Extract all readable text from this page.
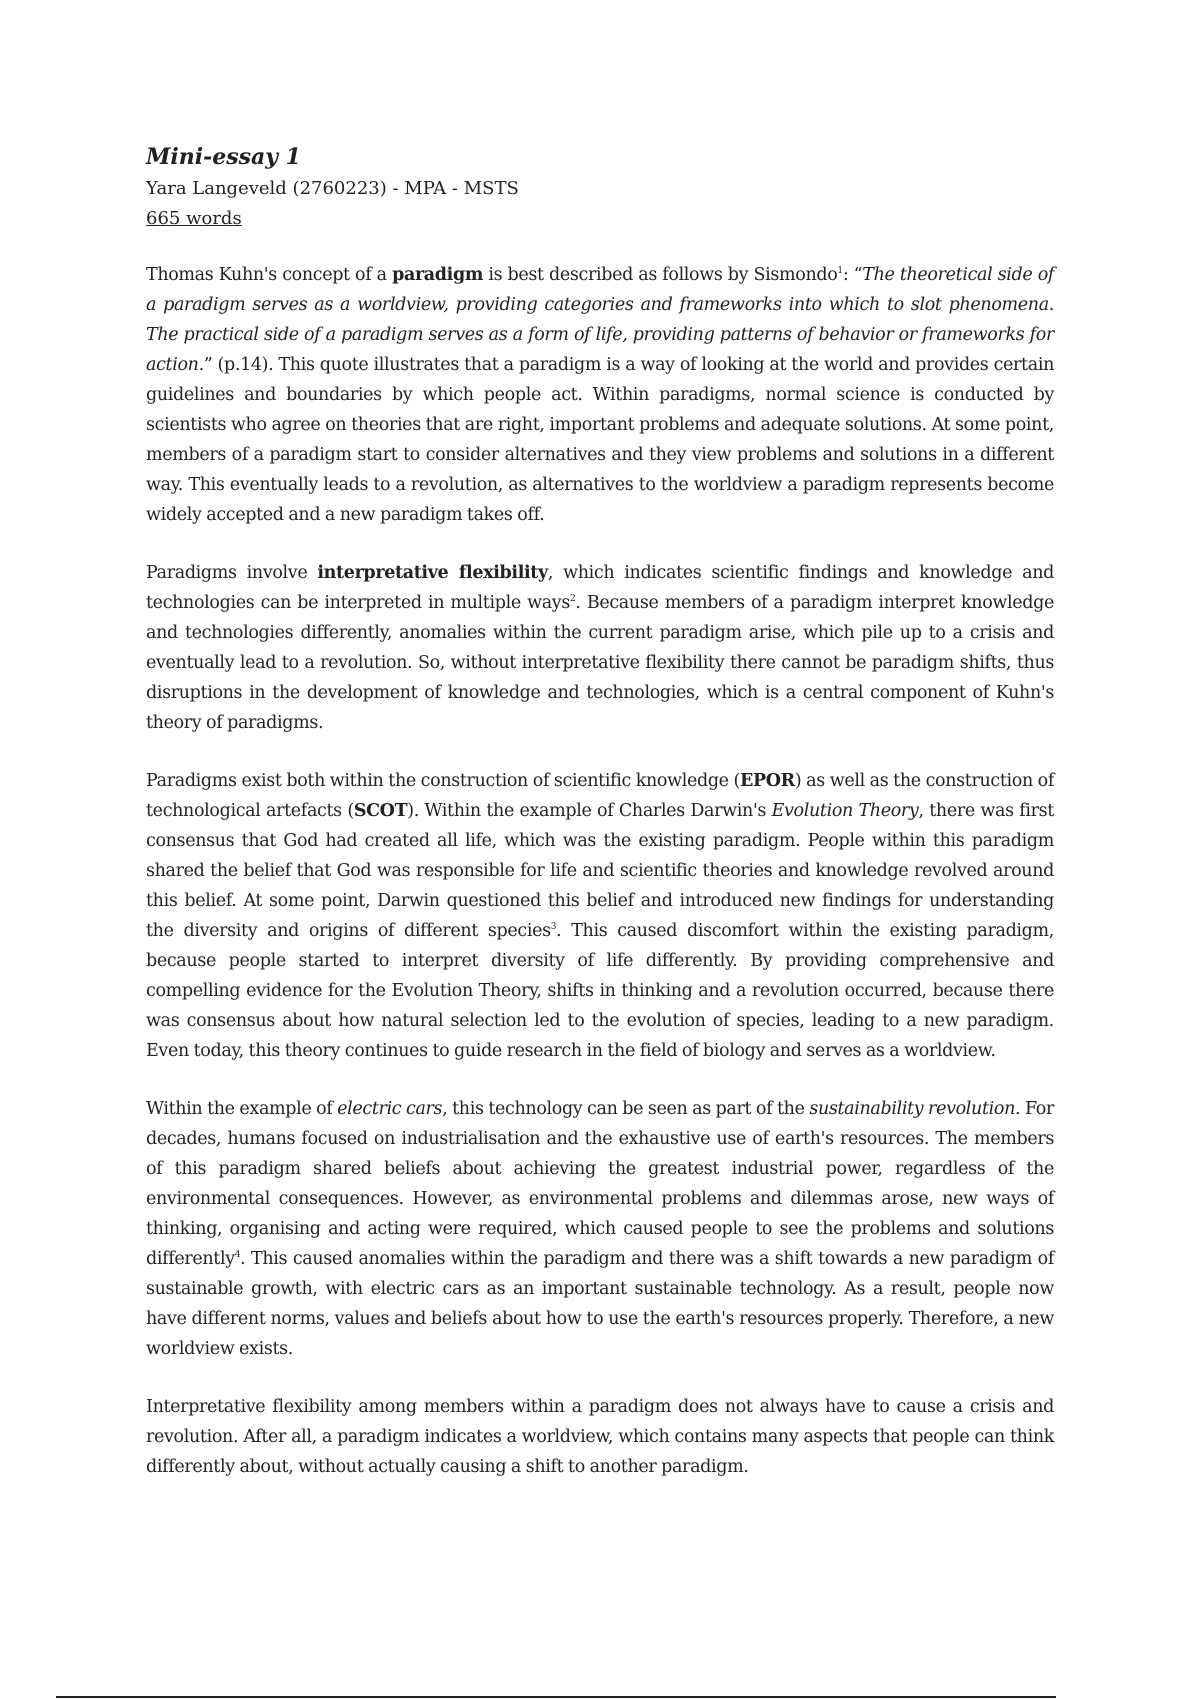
Mini-essay 1

Yara Langeveld (2760223) - MPA - MSTS

665 words

Thomas Kuhn's concept of a paradigm is best described as follows by Sismondo$^1$: “The theoretical side of a paradigm serves as a worldview, providing categories and frameworks into which to slot phenomena. The practical side of a paradigm serves as a form of life, providing patterns of behavior or frameworks for action.” (p.14). This quote illustrates that a paradigm is a way of looking at the world and provides certain guidelines and boundaries by which people act. Within paradigms, normal science is conducted by scientists who agree on theories that are right, important problems and adequate solutions. At some point, members of a paradigm start to consider alternatives and they view problems and solutions in a different way. This eventually leads to a revolution, as alternatives to the worldview a paradigm represents become widely accepted and a new paradigm takes off.

Paradigms involve interpretative flexibility, which indicates scientific findings and knowledge and technologies can be interpreted in multiple ways$^2$. Because members of a paradigm interpret knowledge and technologies differently, anomalies within the current paradigm arise, which pile up to a crisis and eventually lead to a revolution. So, without interpretative flexibility there cannot be paradigm shifts, thus disruptions in the development of knowledge and technologies, which is a central component of Kuhn's theory of paradigms.

Paradigms exist both within the construction of scientific knowledge (EPOR) as well as the construction of technological artefacts (SCOT). Within the example of Charles Darwin's Evolution Theory, there was first consensus that God had created all life, which was the existing paradigm. People within this paradigm shared the belief that God was responsible for life and scientific theories and knowledge revolved around this belief. At some point, Darwin questioned this belief and introduced new findings for understanding the diversity and origins of different species$^3$. This caused discomfort within the existing paradigm, because people started to interpret diversity of life differently. By providing comprehensive and compelling evidence for the Evolution Theory, shifts in thinking and a revolution occurred, because there was consensus about how natural selection led to the evolution of species, leading to a new paradigm. Even today, this theory continues to guide research in the field of biology and serves as a worldview.

Within the example of electric cars, this technology can be seen as part of the sustainability revolution. For decades, humans focused on industrialisation and the exhaustive use of earth's resources. The members of this paradigm shared beliefs about achieving the greatest industrial power, regardless of the environmental consequences. However, as environmental problems and dilemmas arose, new ways of thinking, organising and acting were required, which caused people to see the problems and solutions differently$^4$. This caused anomalies within the paradigm and there was a shift towards a new paradigm of sustainable growth, with electric cars as an important sustainable technology. As a result, people now have different norms, values and beliefs about how to use the earth's resources properly. Therefore, a new worldview exists.

Interpretative flexibility among members within a paradigm does not always have to cause a crisis and revolution. After all, a paradigm indicates a worldview, which contains many aspects that people can think differently about, without actually causing a shift to another paradigm.
